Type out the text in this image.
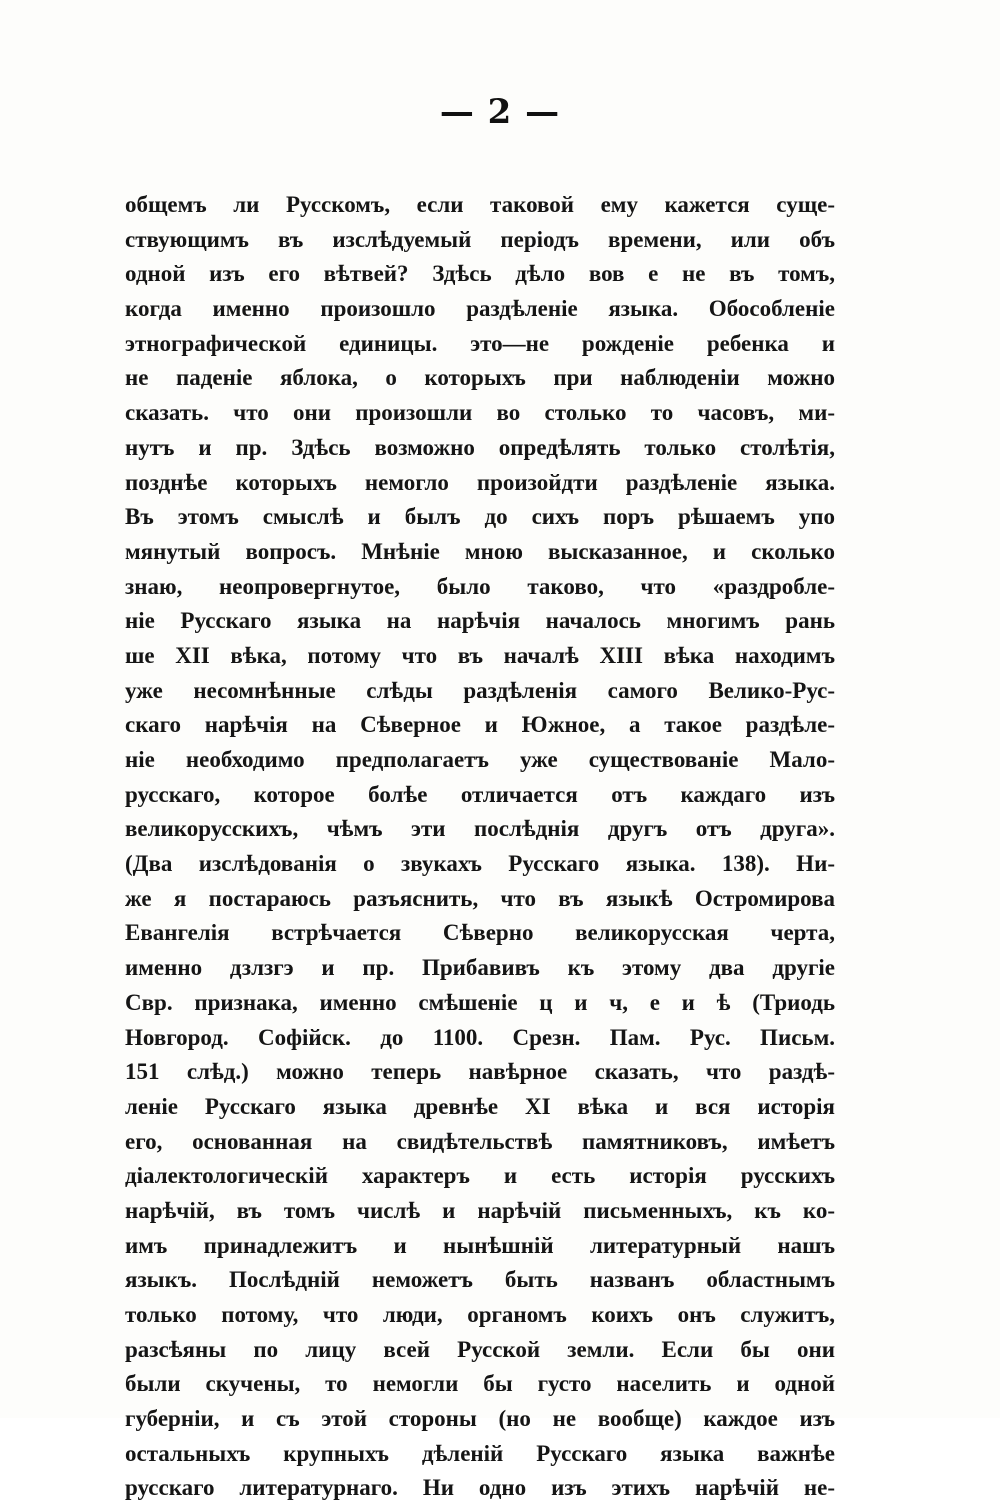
— 2 —
общемъ ли Русскомъ, если таковой ему кажется суще-
ствующимъ въ изслѣдуемый періодъ времени, или объ
одной изъ его вѣтвей? Здѣсь дѣло вов е не въ томъ,
когда именно произошло раздѣленіе языка. Обособленіе
этнографической единицы. это—не рожденіе ребенка и
не паденіе яблока, о которыхъ при наблюденіи можно
сказать. что они произошли во столько то часовъ, ми-
нутъ и пр. Здѣсь возможно опредѣлять только столѣтія,
позднѣе которыхъ немогло произойдти раздѣленіе языка.
Въ этомъ смыслѣ и былъ до сихъ поръ рѣшаемъ упо
мянутый вопросъ. Мнѣніе мною высказанное, и сколько
знаю, неопровергнутое, было таково, что «раздробле-
ніе Русскаго языка на нарѣчія началось многимъ рань
ше XII вѣка, потому что въ началѣ XIII вѣка находимъ
уже несомнѣнные слѣды раздѣленія самого Велико-Рус-
скаго нарѣчія на Сѣверное и Южное, а такое раздѣле-
ніе необходимо предполагаетъ уже существованіе Мало-
русскаго, которое болѣе отличается отъ каждаго изъ
великорусскихъ, чѣмъ эти послѣднія другъ отъ друга».
(Два изслѣдованія о звукахъ Русскаго языка. 138). Ни-
же я постараюсь разъяснить, что въ языкѣ Остромирова
Евангелія встрѣчается Сѣверно великорусская черта,
именно дзлзгэ и пр. Прибавивъ къ этому два другіе
Свр. признака, именно смѣшеніе ц и ч, е и ѣ (Триодь
Новгород. Софійск. до 1100. Срезн. Пам. Рус. Письм.
151 слѣд.) можно теперь навѣрное сказать, что раздѣ-
леніе Русскаго языка древнѣе XI вѣка и вся исторія
его, основанная на свидѣтельствѣ памятниковъ, имѣетъ
діалектологическій характеръ и есть исторія русскихъ
нарѣчій, въ томъ числѣ и нарѣчій письменныхъ, къ ко-
имъ принадлежитъ и нынѣшній литературный нашъ
языкъ. Послѣдній неможетъ быть названъ областнымъ
только потому, что люди, органомъ коихъ онъ служитъ,
разсѣяны по лицу всей Русской земли. Если бы они
были скучены, то немогли бы густо населить и одной
губерніи, и съ этой стороны (но не вообще) каждое изъ
остальныхъ крупныхъ дѣленій Русскаго языка важнѣе
русскаго литературнаго. Ни одно изъ этихъ нарѣчій не-
